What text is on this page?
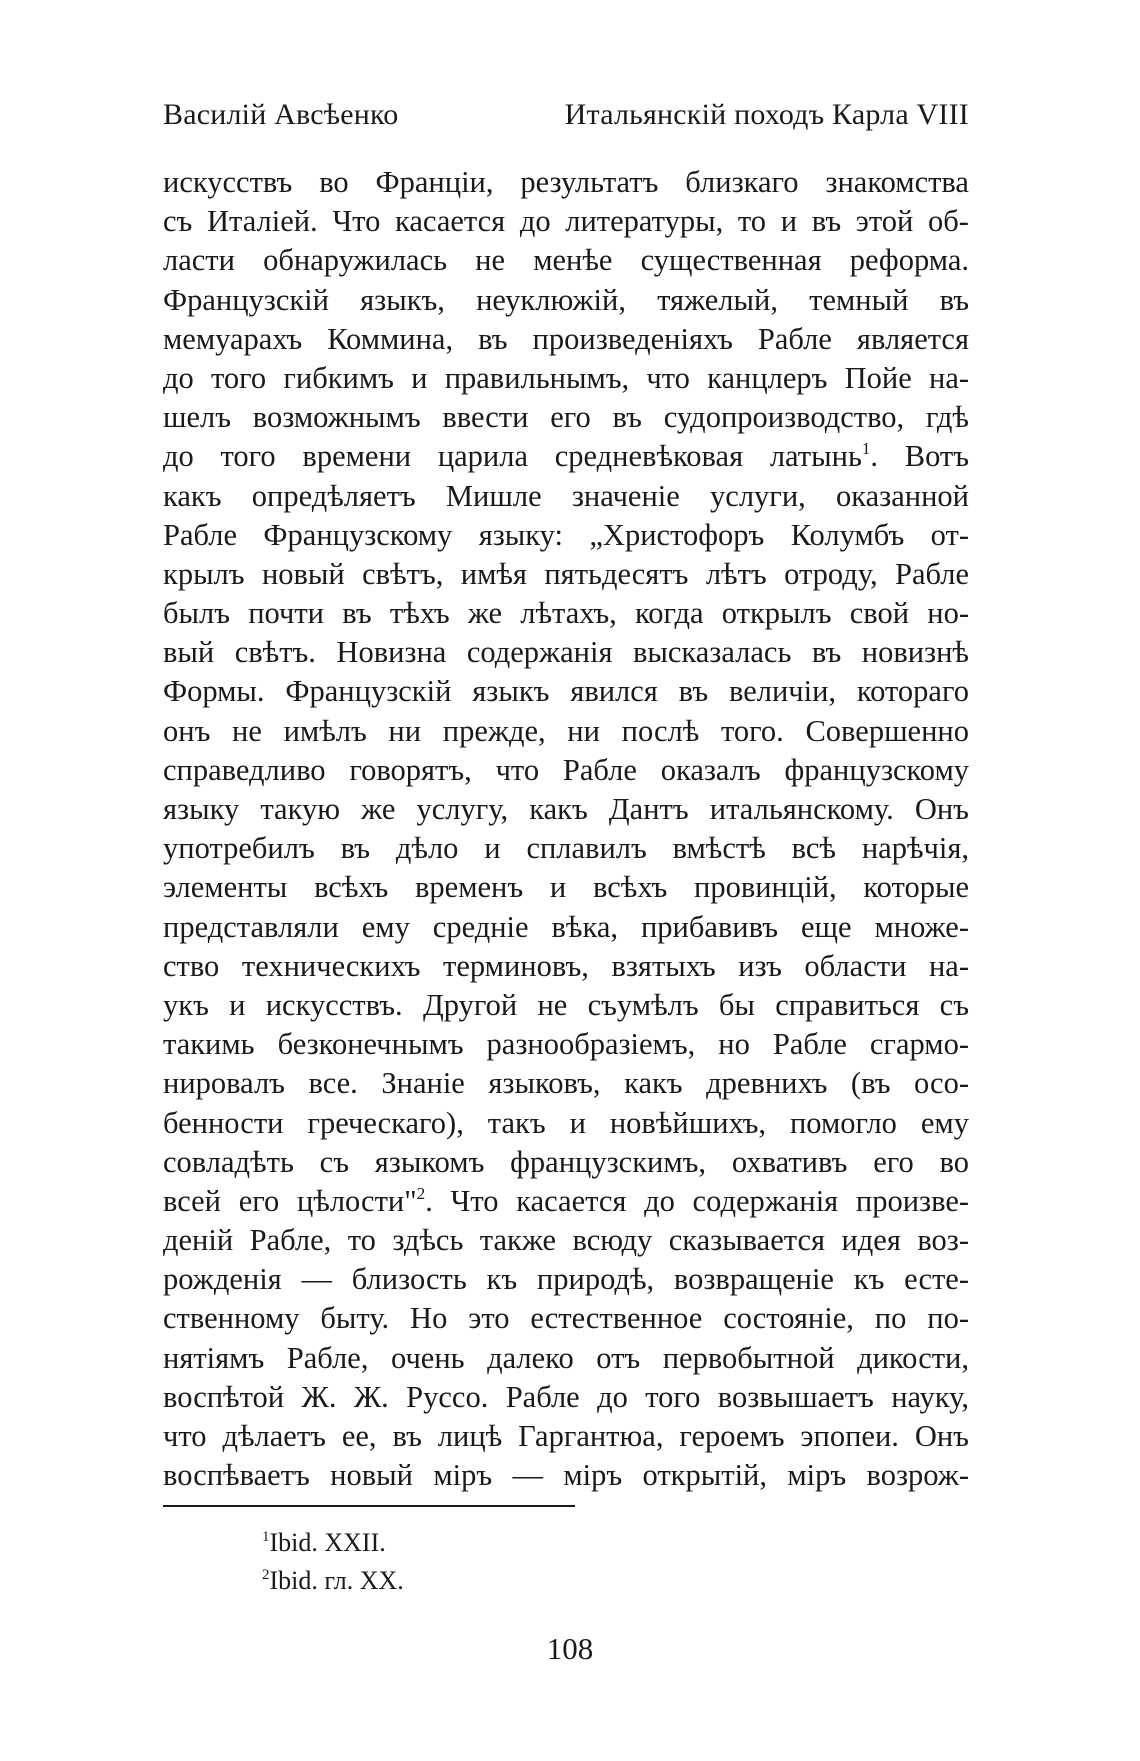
Василій Авсѣенко	Итальянскій походъ Карла VIII
искусствъ во Франціи, результатъ близкаго знакомства
съ Италіей. Что касается до литературы, то и въ этой об-
ласти обнаружилась не менѣе существенная реформа.
Французскій языкъ, неуклюжій, тяжелый, темный въ
мемуарахъ Коммина, въ произведеніяхъ Рабле является
до того гибкимъ и правильнымъ, что канцлеръ Пойе на-
шелъ возможнымъ ввести его въ судопроизводство, гдѣ
до того времени царила средневѣковая латынь$^1$. Вотъ
какъ опредѣляетъ Мишле значеніе услуги, оказанной
Рабле Французскому языку: „Христофоръ Колумбъ от-
крылъ новый свѣтъ, имѣя пятьдесятъ лѣтъ отроду, Рабле
былъ почти въ тѣхъ же лѣтахъ, когда открылъ свой но-
вый свѣтъ. Новизна содержанія высказалась въ новизнѣ
Формы. Французскій языкъ явился въ величіи, котораго
онъ не имѣлъ ни прежде, ни послѣ того. Совершенно
справедливо говорятъ, что Рабле оказалъ французскому
языку такую же услугу, какъ Дантъ итальянскому. Онъ
употребилъ въ дѣло и сплавилъ вмѣстѣ всѣ нарѣчія,
элементы всѣхъ временъ и всѣхъ провинцій, которые
представляли ему средніе вѣка, прибавивъ еще множе-
ство техническихъ терминовъ, взятыхъ изъ области на-
укъ и искусствъ. Другой не съумѣлъ бы справиться съ
такимь безконечнымъ разнообразіемъ, но Рабле сгармо-
нировалъ все. Знаніе языковъ, какъ древнихъ (въ осо-
бенности греческаго), такъ и новѣйшихъ, помогло ему
совладѣть съ языкомъ французскимъ, охвативъ его во
всей его цѣлости"$^2$. Что касается до содержанія произве-
деній Рабле, то здѣсь также всюду сказывается идея воз-
рожденія — близость къ природѣ, возвращеніе къ есте-
ственному быту. Но это естественное состояніе, по по-
нятіямъ Рабле, очень далеко отъ первобытной дикости,
воспѣтой Ж. Ж. Руссо. Рабле до того возвышаетъ науку,
что дѣлаетъ ее, въ лицѣ Гаргантюа, героемъ эпопеи. Онъ
воспѣваетъ новый міръ — міръ открытій, міръ возрож-
$^1$Ibid. XXII.
$^2$Ibid. гл. XX.
108
